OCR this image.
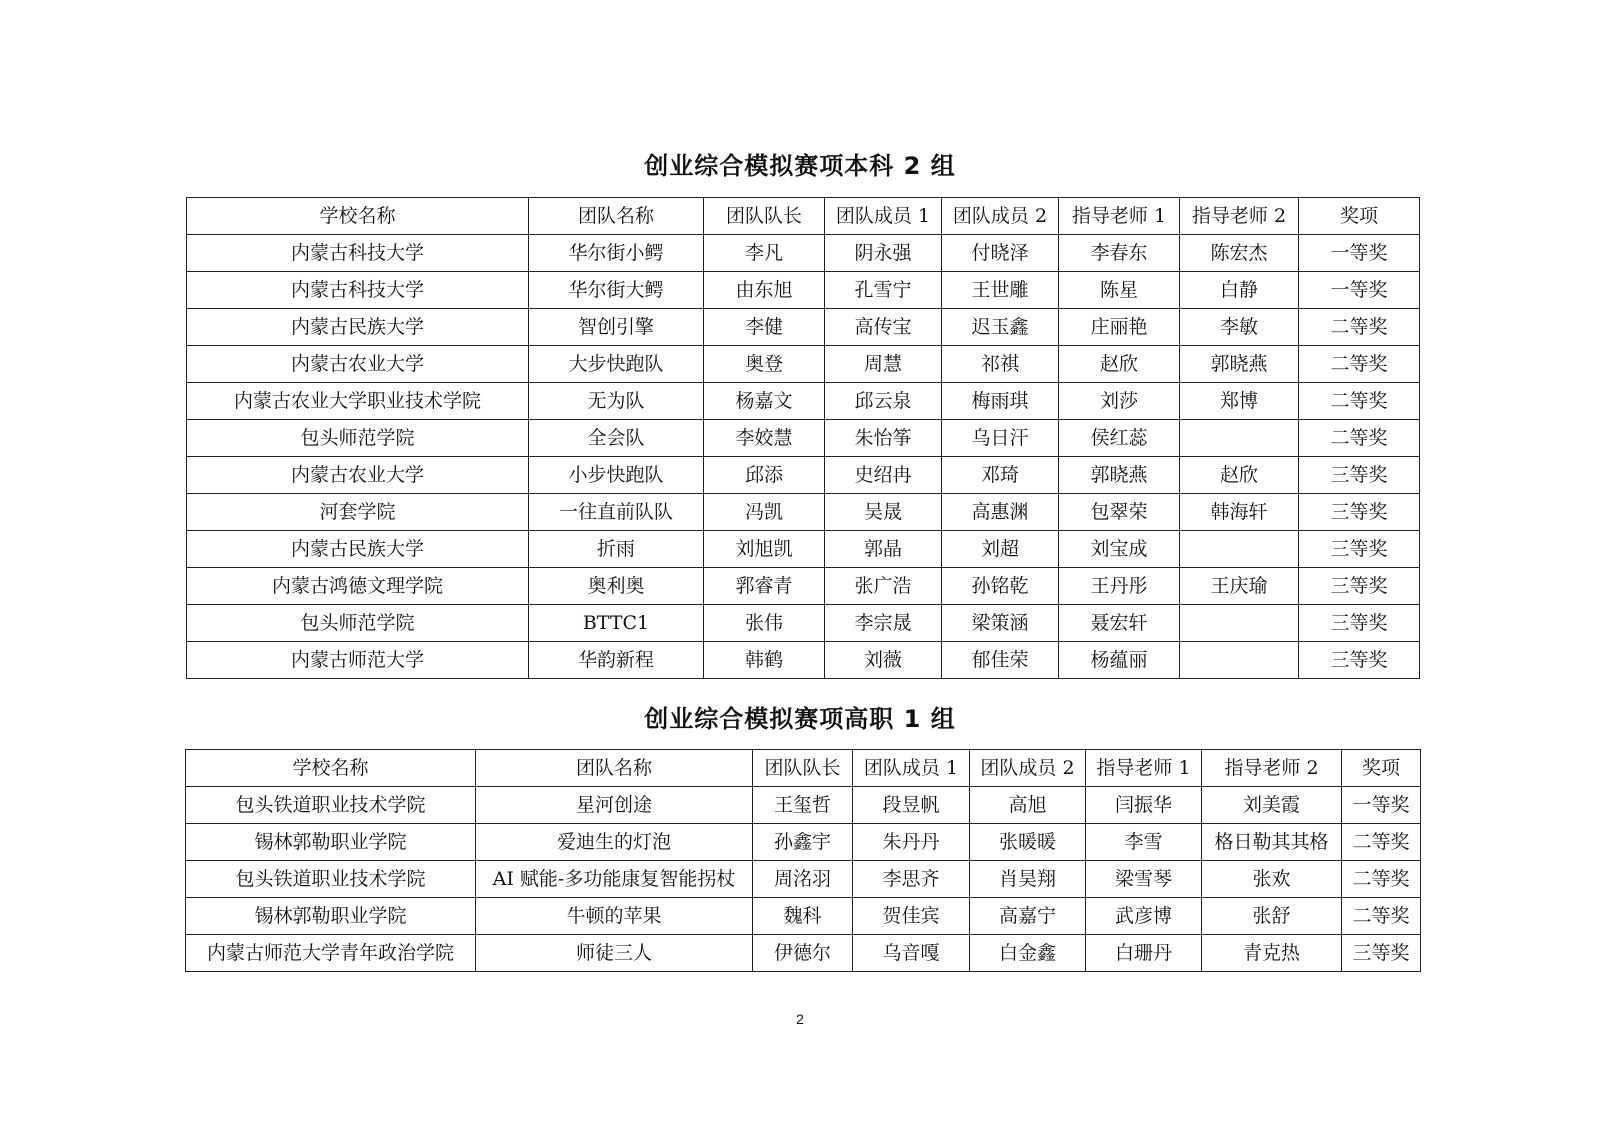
创业综合模拟赛项本科 2 组
学校名称	团队名称	团队队长	团队成员 1	团队成员 2	指导老师 1	指导老师 2	奖项
内蒙古科技大学	华尔街小鳄	李凡	阴永强	付晓泽	李春东	陈宏杰	一等奖
内蒙古科技大学	华尔街大鳄	由东旭	孔雪宁	王世雕	陈星	白静	一等奖
内蒙古民族大学	智创引擎	李健	高传宝	迟玉鑫	庄丽艳	李敏	二等奖
内蒙古农业大学	大步快跑队	奥登	周慧	祁祺	赵欣	郭晓燕	二等奖
内蒙古农业大学职业技术学院	无为队	杨嘉文	邱云泉	梅雨琪	刘莎	郑博	二等奖
包头师范学院	全会队	李姣慧	朱怡筝	乌日汗	侯红蕊		二等奖
内蒙古农业大学	小步快跑队	邱添	史绍冉	邓琦	郭晓燕	赵欣	三等奖
河套学院	一往直前队队	冯凯	吴晟	高惠渊	包翠荣	韩海轩	三等奖
内蒙古民族大学	折雨	刘旭凯	郭晶	刘超	刘宝成		三等奖
内蒙古鸿德文理学院	奥利奥	郛睿青	张广浩	孙铭乾	王丹彤	王庆瑜	三等奖
包头师范学院	BTTC1	张伟	李宗晟	梁策涵	聂宏轩		三等奖
内蒙古师范大学	华韵新程	韩鹤	刘薇	郁佳荣	杨蕴丽		三等奖
创业综合模拟赛项高职 1 组
学校名称	团队名称	团队队长	团队成员 1	团队成员 2	指导老师 1	指导老师 2	奖项
包头铁道职业技术学院	星河创途	王玺哲	段昱帆	高旭	闫振华	刘美霞	一等奖
锡林郭勒职业学院	爱迪生的灯泡	孙鑫宇	朱丹丹	张暖暖	李雪	格日勒其其格	二等奖
包头铁道职业技术学院	AI 赋能-多功能康复智能拐杖	周洺羽	李思齐	肖昊翔	梁雪琴	张欢	二等奖
锡林郭勒职业学院	牛顿的苹果	魏科	贺佳宾	高嘉宁	武彦博	张舒	二等奖
内蒙古师范大学青年政治学院	师徒三人	伊德尔	乌音嘎	白金鑫	白珊丹	青克热	三等奖
2
